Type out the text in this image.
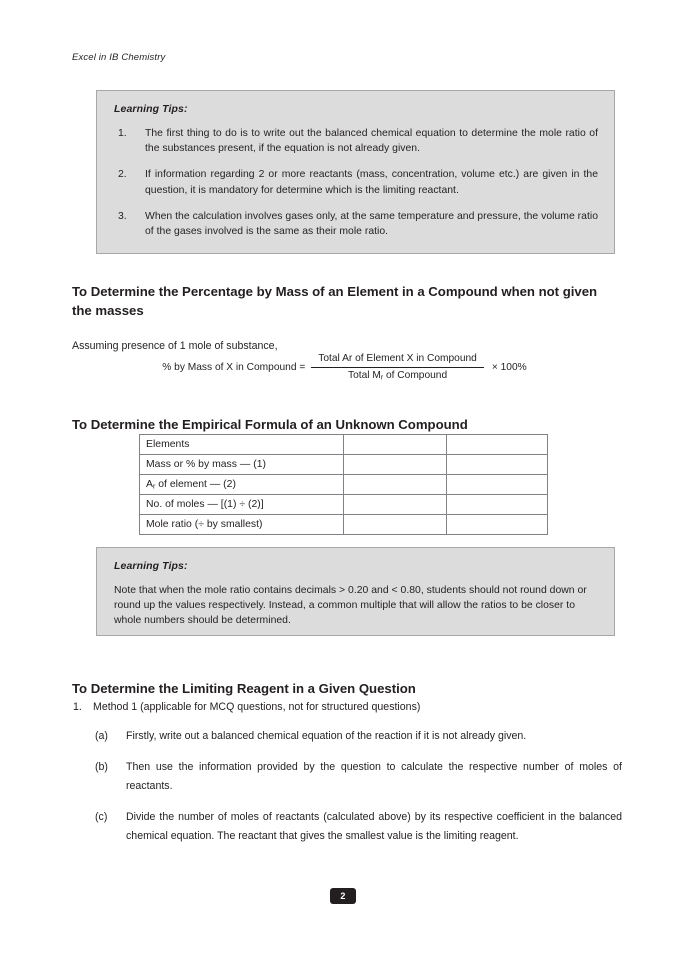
Excel in IB Chemistry
Learning Tips:
1. The first thing to do is to write out the balanced chemical equation to determine the mole ratio of the substances present, if the equation is not already given.
2. If information regarding 2 or more reactants (mass, concentration, volume etc.) are given in the question, it is mandatory for determine which is the limiting reactant.
3. When the calculation involves gases only, at the same temperature and pressure, the volume ratio of the gases involved is the same as their mole ratio.
To Determine the Percentage by Mass of an Element in a Compound when not given the masses

Assuming presence of 1 mole of substance,

% by Mass of X in Compound = $\frac{\text{Total Ar of Element X in Compound}}{Total M_r of Compound} \times 100\%$
To Determine the Empirical Formula of an Unknown Compound
Elements		
Mass or % by mass — (1)		
$A_r$ of element — (2)		
No. of moles — [(1) ÷ (2)]		
Mole ratio (÷ by smallest)		
Learning Tips:

Note that when the mole ratio contains decimals > 0.20 and < 0.80, students should not round down or round up the values respectively. Instead, a common multiple that will allow the ratios to be closer to whole numbers should be determined.

To Determine the Limiting Reagent in a Given Question
1. Method 1 (applicable for MCQ questions, not for structured questions)
(a) Firstly, write out a balanced chemical equation of the reaction if it is not already given.
(b) Then use the information provided by the question to calculate the respective number of moles of reactants.
(c) Divide the number of moles of reactants (calculated above) by its respective coefficient in the balanced chemical equation. The reactant that gives the smallest value is the limiting reagent.
2
